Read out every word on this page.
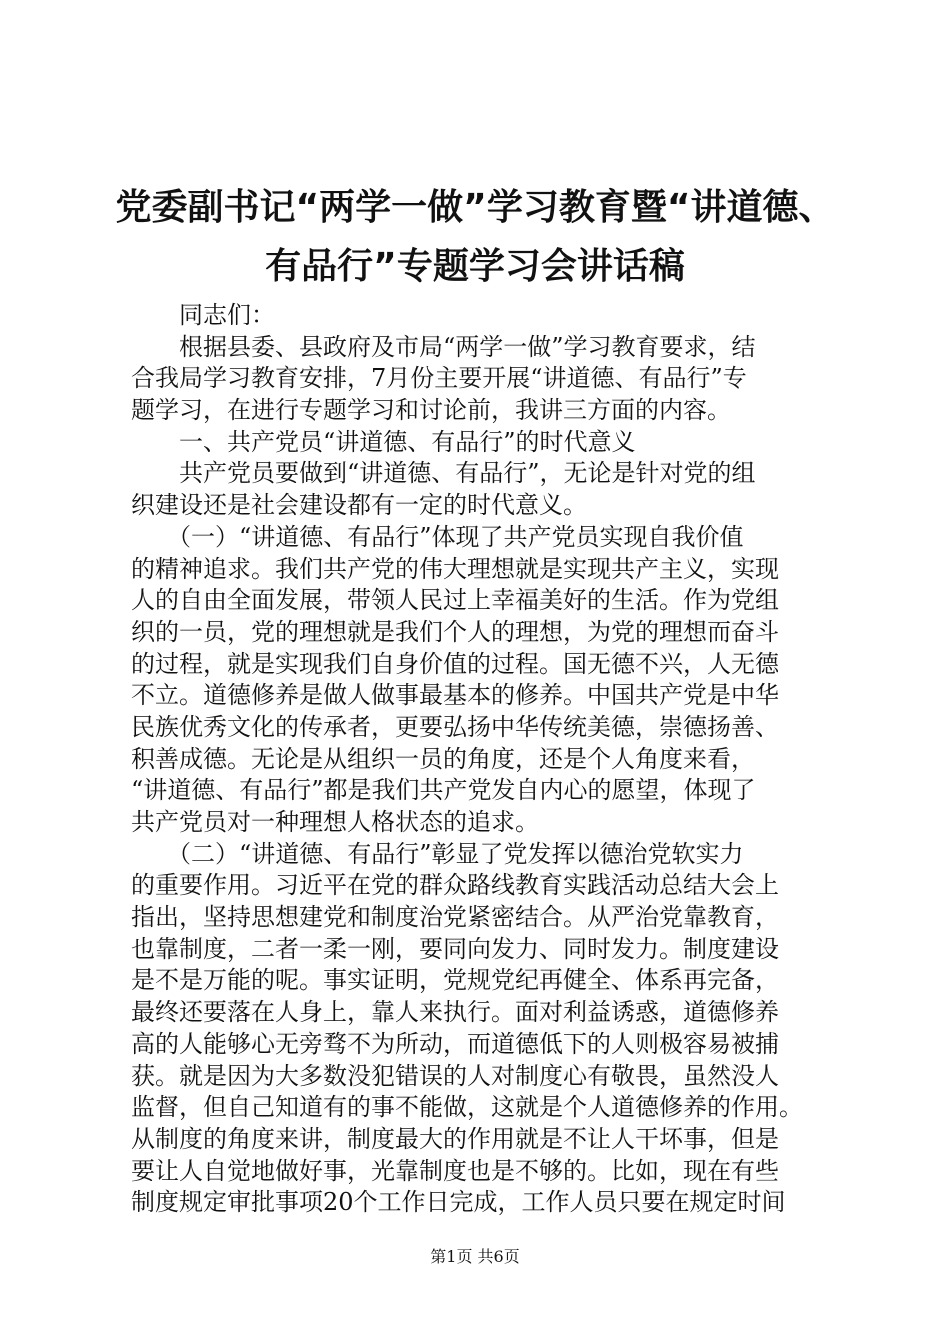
党委副书记“两学一做”学习教育暨“讲道德、
有品行”专题学习会讲话稿
　　同志们：
　　根据县委、县政府及市局“两学一做”学习教育要求，结
合我局学习教育安排，7月份主要开展“讲道德、有品行”专
题学习，在进行专题学习和讨论前，我讲三方面的内容。
　　一、共产党员“讲道德、有品行”的时代意义
　　共产党员要做到“讲道德、有品行”，无论是针对党的组
织建设还是社会建设都有一定的时代意义。
　　（一）“讲道德、有品行”体现了共产党员实现自我价值
的精神追求。我们共产党的伟大理想就是实现共产主义，实现
人的自由全面发展，带领人民过上幸福美好的生活。作为党组
织的一员，党的理想就是我们个人的理想，为党的理想而奋斗
的过程，就是实现我们自身价值的过程。国无德不兴，人无德
不立。道德修养是做人做事最基本的修养。中国共产党是中华
民族优秀文化的传承者，更要弘扬中华传统美德，崇德扬善、
积善成德。无论是从组织一员的角度，还是个人角度来看，
“讲道德、有品行”都是我们共产党发自内心的愿望，体现了
共产党员对一种理想人格状态的追求。
　　（二）“讲道德、有品行”彰显了党发挥以德治党软实力
的重要作用。习近平在党的群众路线教育实践活动总结大会上
指出，坚持思想建党和制度治党紧密结合。从严治党靠教育，
也靠制度，二者一柔一刚，要同向发力、同时发力。制度建设
是不是万能的呢。事实证明，党规党纪再健全、体系再完备，
最终还要落在人身上，靠人来执行。面对利益诱惑，道德修养
高的人能够心无旁骛不为所动，而道德低下的人则极容易被捕
获。就是因为大多数没犯错误的人对制度心有敬畏，虽然没人
监督，但自己知道有的事不能做，这就是个人道德修养的作用。
从制度的角度来讲，制度最大的作用就是不让人干坏事，但是
要让人自觉地做好事，光靠制度也是不够的。比如，现在有些
制度规定审批事项20个工作日完成，工作人员只要在规定时间
第1页 共6页
